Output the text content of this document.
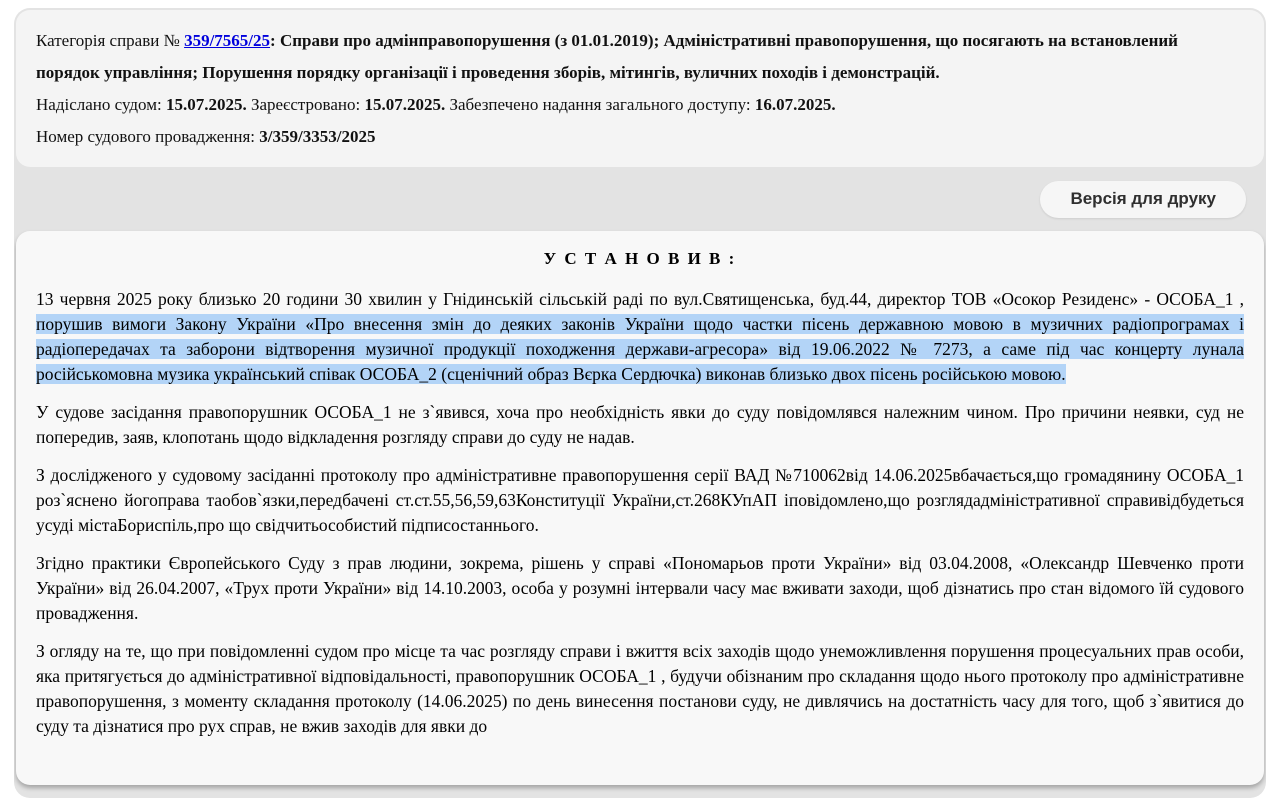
Категорія справи № 359/7565/25: Справи про адмінправопорушення (з 01.01.2019); Адміністративні правопорушення, що посягають на встановлений порядок управління; Порушення порядку організації і проведення зборів, мітингів, вуличних походів і демонстрацій.
Надіслано судом: 15.07.2025. Зареєстровано: 15.07.2025. Забезпечено надання загального доступу: 16.07.2025.
Номер судового провадження: 3/359/3353/2025
Версія для друку
У С Т А Н О В И В :

13 червня 2025 року близько 20 години 30 хвилин у Гнідинській сільській раді по вул.Святищенська, буд.44, директор ТОВ «Осокор Резиденс» - ОСОБА_1 , порушив вимоги Закону України «Про внесення змін до деяких законів України щодо частки пісень державною мовою в музичних радіопрограмах і радіопередачах та заборони відтворення музичної продукції походження держави-агресора» від 19.06.2022 № 7273, а саме під час концерту лунала російськомовна музика український співак ОСОБА_2 (сценічний образ Вєрка Сердючка) виконав близько двох пісень російською мовою.

У судове засідання правопорушник ОСОБА_1 не з`явився, хоча про необхідність явки до суду повідомлявся належним чином. Про причини неявки, суд не попередив, заяв, клопотань щодо відкладення розгляду справи до суду не надав.

З дослідженого у судовому засіданні протоколу про адміністративне правопорушення серії ВАД №710062від 14.06.2025вбачається,що громадянину ОСОБА_1 роз`яснено йогоправа таобов`язки,передбачені ст.ст.55,56,59,63Конституції України,ст.268КУпАП іповідомлено,що розглядадміністративної справивідбудеться усуді містаБориспіль,про що свідчитьособистий підписостаннього.

Згідно практики Європейського Суду з прав людини, зокрема, рішень у справі «Пономарьов проти України» від 03.04.2008, «Олександр Шевченко проти України» від 26.04.2007, «Трух проти України» від 14.10.2003, особа у розумні інтервали часу має вживати заходи, щоб дізнатись про стан відомого їй судового провадження.

З огляду на те, що при повідомленні судом про місце та час розгляду справи і вжиття всіх заходів щодо унеможливлення порушення процесуальних прав особи, яка притягується до адміністративної відповідальності, правопорушник ОСОБА_1 , будучи обізнаним про складання щодо нього протоколу про адміністративне правопорушення, з моменту складання протоколу (14.06.2025) по день винесення постанови суду, не дивлячись на достатність часу для того, щоб з`явитися до суду та дізнатися про рух справ, не вжив заходів для явки до
